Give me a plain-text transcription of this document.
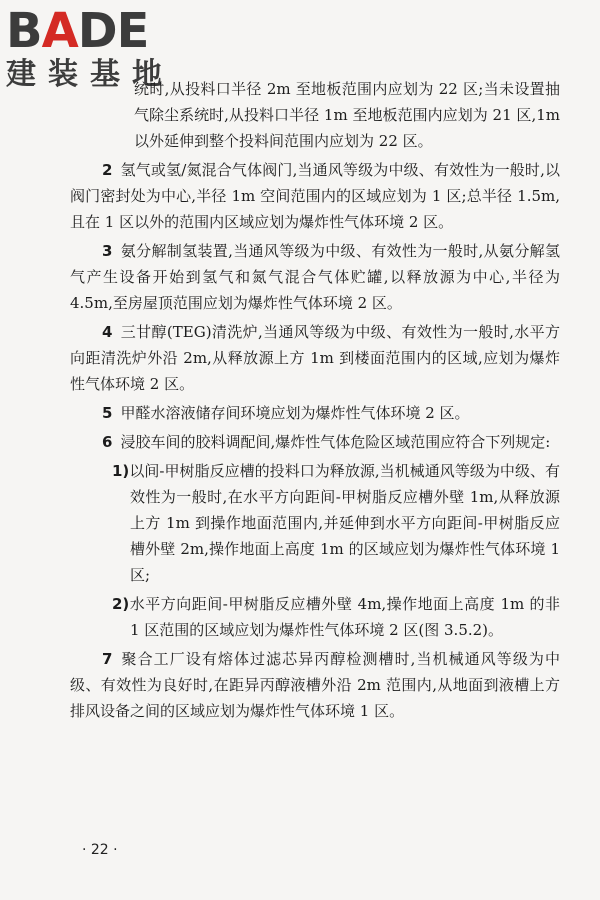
BADE
建装基地

统时,从投料口半径 2m 至地板范围内应划为 22 区;当未设置抽气除尘系统时,从投料口半径 1m 至地板范围内应划为 21 区,1m 以外延伸到整个投料间范围内应划为 22 区。

2 氢气或氢/氮混合气体阀门,当通风等级为中级、有效性为一般时,以阀门密封处为中心,半径 1m 空间范围内的区域应划为 1 区;总半径 1.5m,且在 1 区以外的范围内区域应划为爆炸性气体环境 2 区。

3 氨分解制氢装置,当通风等级为中级、有效性为一般时,从氨分解氢气产生设备开始到氢气和氮气混合气体贮罐,以释放源为中心,半径为 4.5m,至房屋顶范围应划为爆炸性气体环境 2 区。

4 三甘醇(TEG)清洗炉,当通风等级为中级、有效性为一般时,水平方向距清洗炉外沿 2m,从释放源上方 1m 到楼面范围内的区域,应划为爆炸性气体环境 2 区。

5 甲醛水溶液储存间环境应划为爆炸性气体环境 2 区。

6 浸胶车间的胶料调配间,爆炸性气体危险区域范围应符合下列规定:

1)以间-甲树脂反应槽的投料口为释放源,当机械通风等级为中级、有效性为一般时,在水平方向距间-甲树脂反应槽外壁 1m,从释放源上方 1m 到操作地面范围内,并延伸到水平方向距间-甲树脂反应槽外壁 2m,操作地面上高度 1m 的区域应划为爆炸性气体环境 1 区;

2)水平方向距间-甲树脂反应槽外壁 4m,操作地面上高度 1m 的非 1 区范围的区域应划为爆炸性气体环境 2 区(图 3.5.2)。

7 聚合工厂设有熔体过滤芯异丙醇检测槽时,当机械通风等级为中级、有效性为良好时,在距异丙醇液槽外沿 2m 范围内,从地面到液槽上方排风设备之间的区域应划为爆炸性气体环境 1 区。

· 22 ·
